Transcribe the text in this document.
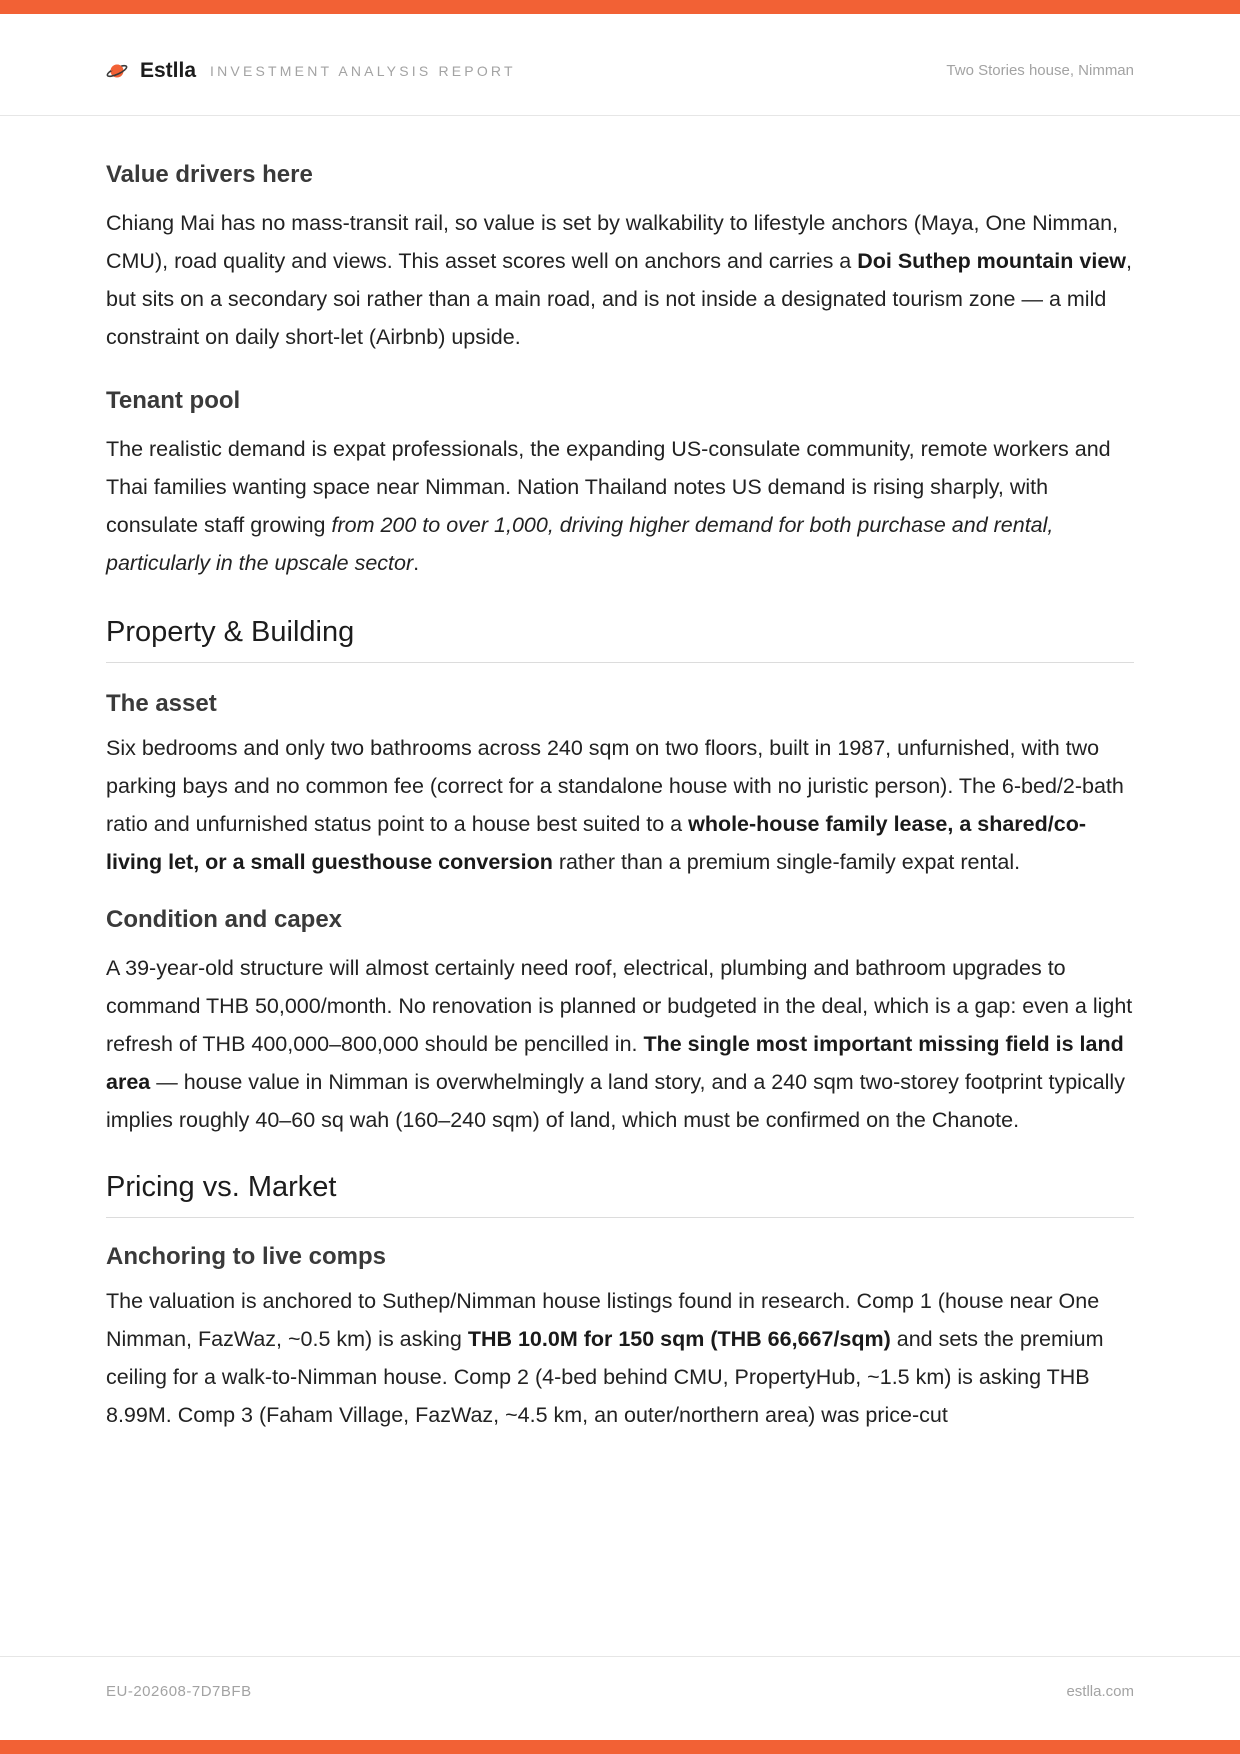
Estlla INVESTMENT ANALYSIS REPORT	Two Stories house, Nimman
Value drivers here

Chiang Mai has no mass-transit rail, so value is set by walkability to lifestyle anchors (Maya, One Nimman, CMU), road quality and views. This asset scores well on anchors and carries a Doi Suthep mountain view, but sits on a secondary soi rather than a main road, and is not inside a designated tourism zone — a mild constraint on daily short-let (Airbnb) upside.

Tenant pool

The realistic demand is expat professionals, the expanding US-consulate community, remote workers and Thai families wanting space near Nimman. Nation Thailand notes US demand is rising sharply, with consulate staff growing from 200 to over 1,000, driving higher demand for both purchase and rental, particularly in the upscale sector.

Property & Building
The asset

Six bedrooms and only two bathrooms across 240 sqm on two floors, built in 1987, unfurnished, with two parking bays and no common fee (correct for a standalone house with no juristic person). The 6-bed/2-bath ratio and unfurnished status point to a house best suited to a whole-house family lease, a shared/co-living let, or a small guesthouse conversion rather than a premium single-family expat rental.

Condition and capex

A 39-year-old structure will almost certainly need roof, electrical, plumbing and bathroom upgrades to command THB 50,000/month. No renovation is planned or budgeted in the deal, which is a gap: even a light refresh of THB 400,000–800,000 should be pencilled in. The single most important missing field is land area — house value in Nimman is overwhelmingly a land story, and a 240 sqm two-storey footprint typically implies roughly 40–60 sq wah (160–240 sqm) of land, which must be confirmed on the Chanote.

Pricing vs. Market
Anchoring to live comps

The valuation is anchored to Suthep/Nimman house listings found in research. Comp 1 (house near One Nimman, FazWaz, ~0.5 km) is asking THB 10.0M for 150 sqm (THB 66,667/sqm) and sets the premium ceiling for a walk-to-Nimman house. Comp 2 (4-bed behind CMU, PropertyHub, ~1.5 km) is asking THB 8.99M. Comp 3 (Faham Village, FazWaz, ~4.5 km, an outer/northern area) was price-cut

EU-202608-7D7BFB	estlla.com
